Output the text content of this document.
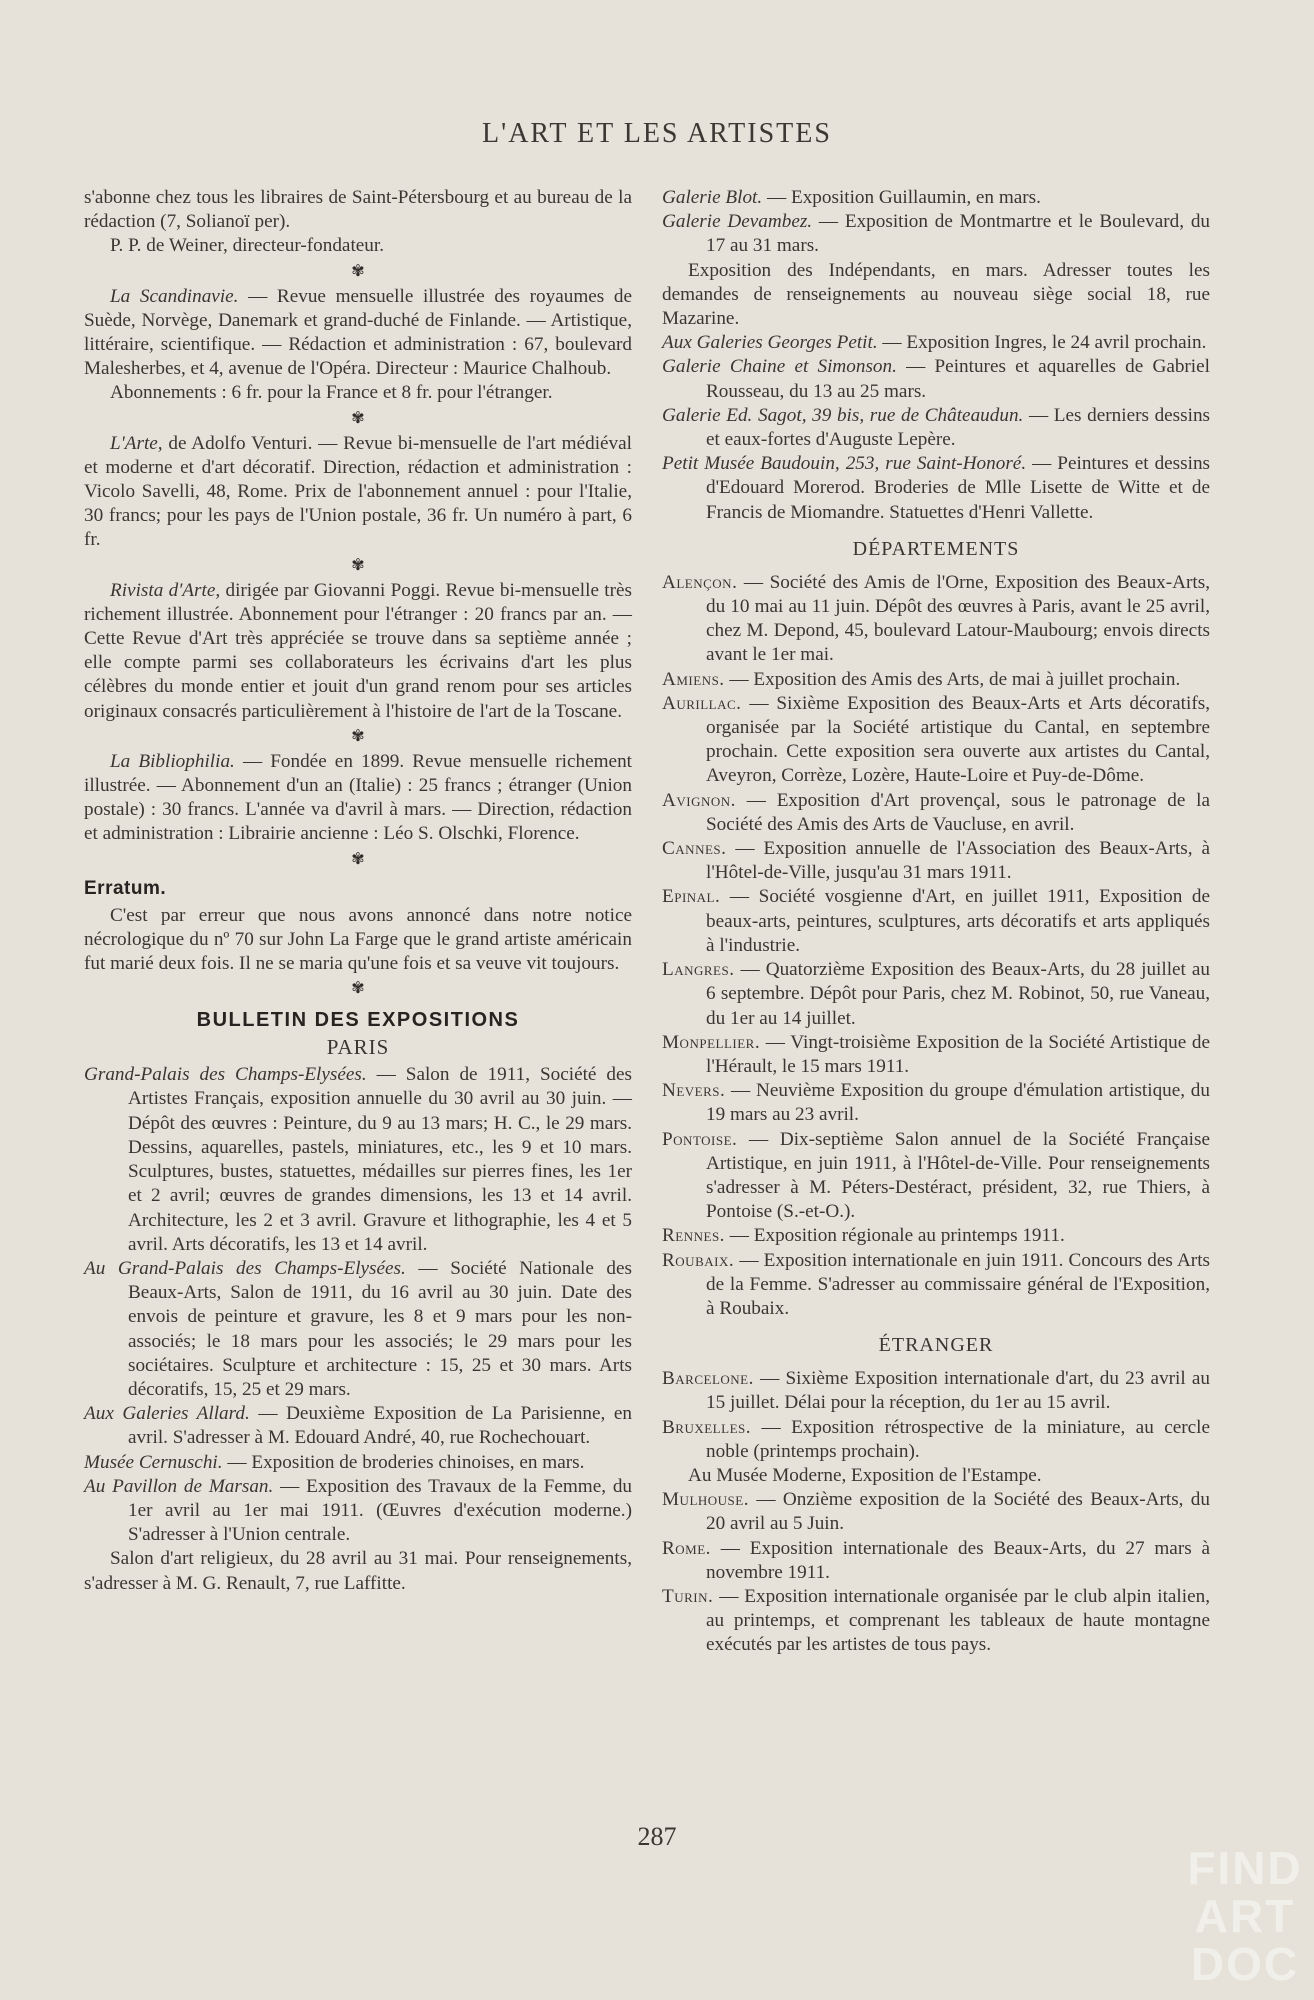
L'ART ET LES ARTISTES

s'abonne chez tous les libraires de Saint-Pétersbourg et au bureau de la rédaction (7, Solianoï per).

P. P. de Weiner, directeur-fondateur.

✾

La Scandinavie. — Revue mensuelle illustrée des royaumes de Suède, Norvège, Danemark et grand-duché de Finlande. — Artistique, littéraire, scientifique. — Rédaction et administration : 67, boulevard Malesherbes, et 4, avenue de l'Opéra. Directeur : Maurice Chalhoub.

Abonnements : 6 fr. pour la France et 8 fr. pour l'étranger.

✾

L'Arte, de Adolfo Venturi. — Revue bi-mensuelle de l'art médiéval et moderne et d'art décoratif. Direction, rédaction et administration : Vicolo Savelli, 48, Rome. Prix de l'abonnement annuel : pour l'Italie, 30 francs; pour les pays de l'Union postale, 36 fr. Un numéro à part, 6 fr.

✾

Rivista d'Arte, dirigée par Giovanni Poggi. Revue bi-mensuelle très richement illustrée. Abonnement pour l'étranger : 20 francs par an. — Cette Revue d'Art très appréciée se trouve dans sa septième année ; elle compte parmi ses collaborateurs les écrivains d'art les plus célèbres du monde entier et jouit d'un grand renom pour ses articles originaux consacrés particulièrement à l'histoire de l'art de la Toscane.

✾

La Bibliophilia. — Fondée en 1899. Revue mensuelle richement illustrée. — Abonnement d'un an (Italie) : 25 francs ; étranger (Union postale) : 30 francs. L'année va d'avril à mars. — Direction, rédaction et administration : Librairie ancienne : Léo S. Olschki, Florence.

✾
Erratum.

C'est par erreur que nous avons annoncé dans notre notice nécrologique du nº 70 sur John La Farge que le grand artiste américain fut marié deux fois. Il ne se maria qu'une fois et sa veuve vit toujours.

✾
BULLETIN DES EXPOSITIONS
PARIS

Grand-Palais des Champs-Elysées. — Salon de 1911, Société des Artistes Français, exposition annuelle du 30 avril au 30 juin. — Dépôt des œuvres : Peinture, du 9 au 13 mars; H. C., le 29 mars. Dessins, aquarelles, pastels, miniatures, etc., les 9 et 10 mars. Sculptures, bustes, statuettes, médailles sur pierres fines, les 1er et 2 avril; œuvres de grandes dimensions, les 13 et 14 avril. Architecture, les 2 et 3 avril. Gravure et lithographie, les 4 et 5 avril. Arts décoratifs, les 13 et 14 avril.

Au Grand-Palais des Champs-Elysées. — Société Nationale des Beaux-Arts, Salon de 1911, du 16 avril au 30 juin. Date des envois de peinture et gravure, les 8 et 9 mars pour les non-associés; le 18 mars pour les associés; le 29 mars pour les sociétaires. Sculpture et architecture : 15, 25 et 30 mars. Arts décoratifs, 15, 25 et 29 mars.

Aux Galeries Allard. — Deuxième Exposition de La Parisienne, en avril. S'adresser à M. Edouard André, 40, rue Rochechouart.

Musée Cernuschi. — Exposition de broderies chinoises, en mars.

Au Pavillon de Marsan. — Exposition des Travaux de la Femme, du 1er avril au 1er mai 1911. (Œuvres d'exécution moderne.) S'adresser à l'Union centrale.

Salon d'art religieux, du 28 avril au 31 mai. Pour renseignements, s'adresser à M. G. Renault, 7, rue Laffitte.

Galerie Blot. — Exposition Guillaumin, en mars.

Galerie Devambez. — Exposition de Montmartre et le Boulevard, du 17 au 31 mars.

Exposition des Indépendants, en mars. Adresser toutes les demandes de renseignements au nouveau siège social 18, rue Mazarine.

Aux Galeries Georges Petit. — Exposition Ingres, le 24 avril prochain.

Galerie Chaine et Simonson. — Peintures et aquarelles de Gabriel Rousseau, du 13 au 25 mars.

Galerie Ed. Sagot, 39 bis, rue de Châteaudun. — Les derniers dessins et eaux-fortes d'Auguste Lepère.

Petit Musée Baudouin, 253, rue Saint-Honoré. — Peintures et dessins d'Edouard Morerod. Broderies de Mlle Lisette de Witte et de Francis de Miomandre. Statuettes d'Henri Vallette.

DÉPARTEMENTS

Alençon. — Société des Amis de l'Orne, Exposition des Beaux-Arts, du 10 mai au 11 juin. Dépôt des œuvres à Paris, avant le 25 avril, chez M. Depond, 45, boulevard Latour-Maubourg; envois directs avant le 1er mai.

Amiens. — Exposition des Amis des Arts, de mai à juillet prochain.

Aurillac. — Sixième Exposition des Beaux-Arts et Arts décoratifs, organisée par la Société artistique du Cantal, en septembre prochain. Cette exposition sera ouverte aux artistes du Cantal, Aveyron, Corrèze, Lozère, Haute-Loire et Puy-de-Dôme.

Avignon. — Exposition d'Art provençal, sous le patronage de la Société des Amis des Arts de Vaucluse, en avril.

Cannes. — Exposition annuelle de l'Association des Beaux-Arts, à l'Hôtel-de-Ville, jusqu'au 31 mars 1911.

Epinal. — Société vosgienne d'Art, en juillet 1911, Exposition de beaux-arts, peintures, sculptures, arts décoratifs et arts appliqués à l'industrie.

Langres. — Quatorzième Exposition des Beaux-Arts, du 28 juillet au 6 septembre. Dépôt pour Paris, chez M. Robinot, 50, rue Vaneau, du 1er au 14 juillet.

Monpellier. — Vingt-troisième Exposition de la Société Artistique de l'Hérault, le 15 mars 1911.

Nevers. — Neuvième Exposition du groupe d'émulation artistique, du 19 mars au 23 avril.

Pontoise. — Dix-septième Salon annuel de la Société Française Artistique, en juin 1911, à l'Hôtel-de-Ville. Pour renseignements s'adresser à M. Péters-Destéract, président, 32, rue Thiers, à Pontoise (S.-et-O.).

Rennes. — Exposition régionale au printemps 1911.

Roubaix. — Exposition internationale en juin 1911. Concours des Arts de la Femme. S'adresser au commissaire général de l'Exposition, à Roubaix.

ÉTRANGER

Barcelone. — Sixième Exposition internationale d'art, du 23 avril au 15 juillet. Délai pour la réception, du 1er au 15 avril.

Bruxelles. — Exposition rétrospective de la miniature, au cercle noble (printemps prochain).

Au Musée Moderne, Exposition de l'Estampe.

Mulhouse. — Onzième exposition de la Société des Beaux-Arts, du 20 avril au 5 Juin.

Rome. — Exposition internationale des Beaux-Arts, du 27 mars à novembre 1911.

Turin. — Exposition internationale organisée par le club alpin italien, au printemps, et comprenant les tableaux de haute montagne exécutés par les artistes de tous pays.

287
FIND
ART
DOC
